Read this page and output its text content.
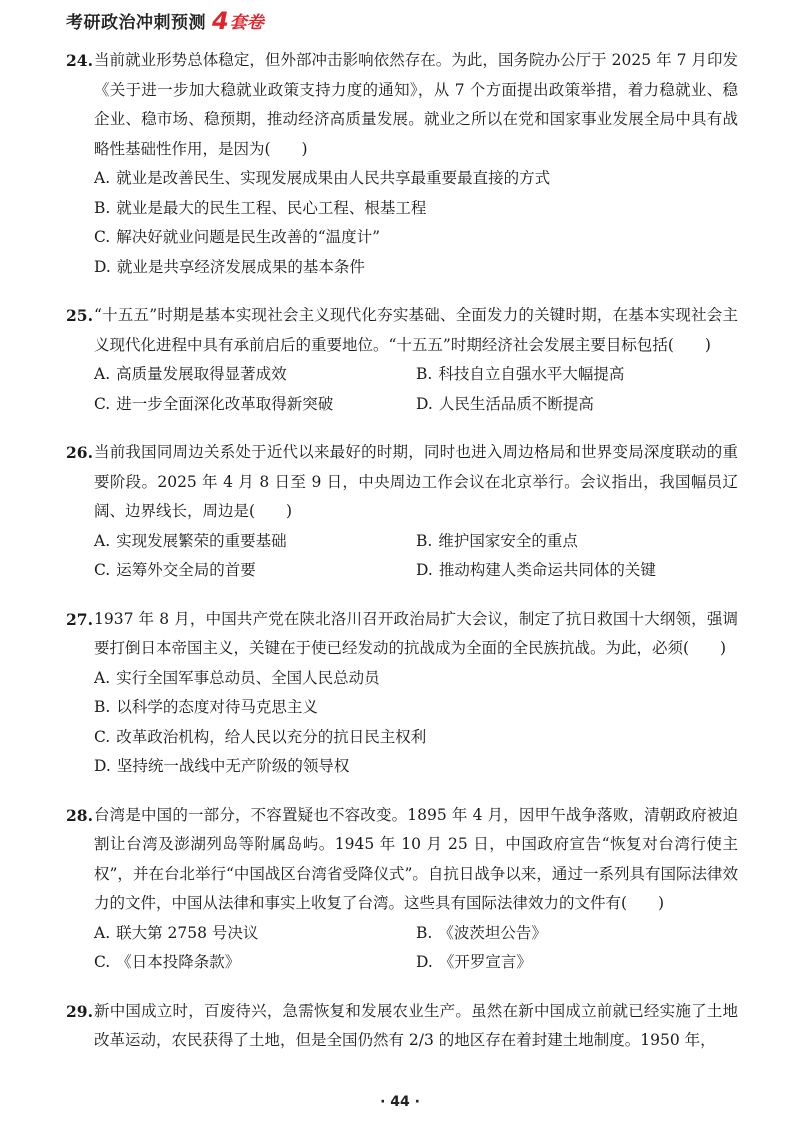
考研政治冲刺预测 4 套卷
24. 当前就业形势总体稳定，但外部冲击影响依然存在。为此，国务院办公厅于 2025 年 7 月印发《关于进一步加大稳就业政策支持力度的通知》，从 7 个方面提出政策举措，着力稳就业、稳企业、稳市场、稳预期，推动经济高质量发展。就业之所以在党和国家事业发展全局中具有战略性基础性作用，是因为(　　)
A. 就业是改善民生、实现发展成果由人民共享最重要最直接的方式
B. 就业是最大的民生工程、民心工程、根基工程
C. 解决好就业问题是民生改善的“温度计”
D. 就业是共享经济发展成果的基本条件
25. “十五五”时期是基本实现社会主义现代化夯实基础、全面发力的关键时期，在基本实现社会主义现代化进程中具有承前启后的重要地位。“十五五”时期经济社会发展主要目标包括(　　)
A. 高质量发展取得显著成效	B. 科技自立自强水平大幅提高
C. 进一步全面深化改革取得新突破	D. 人民生活品质不断提高
26. 当前我国同周边关系处于近代以来最好的时期，同时也进入周边格局和世界变局深度联动的重要阶段。2025 年 4 月 8 日至 9 日，中央周边工作会议在北京举行。会议指出，我国幅员辽阔、边界线长，周边是(　　)
A. 实现发展繁荣的重要基础	B. 维护国家安全的重点
C. 运筹外交全局的首要	D. 推动构建人类命运共同体的关键
27. 1937 年 8 月，中国共产党在陕北洛川召开政治局扩大会议，制定了抗日救国十大纲领，强调要打倒日本帝国主义，关键在于使已经发动的抗战成为全面的全民族抗战。为此，必须(　　)
A. 实行全国军事总动员、全国人民总动员
B. 以科学的态度对待马克思主义
C. 改革政治机构，给人民以充分的抗日民主权利
D. 坚持统一战线中无产阶级的领导权
28. 台湾是中国的一部分，不容置疑也不容改变。1895 年 4 月，因甲午战争落败，清朝政府被迫割让台湾及澎湖列岛等附属岛屿。1945 年 10 月 25 日，中国政府宣告“恢复对台湾行使主权”，并在台北举行“中国战区台湾省受降仪式”。自抗日战争以来，通过一系列具有国际法律效力的文件，中国从法律和事实上收复了台湾。这些具有国际法律效力的文件有(　　)
A. 联大第 2758 号决议	B. 《波茨坦公告》
C. 《日本投降条款》	D. 《开罗宣言》
29. 新中国成立时，百废待兴，急需恢复和发展农业生产。虽然在新中国成立前就已经实施了土地改革运动，农民获得了土地，但是全国仍然有 2/3 的地区存在着封建土地制度。1950 年，
· 44 ·
